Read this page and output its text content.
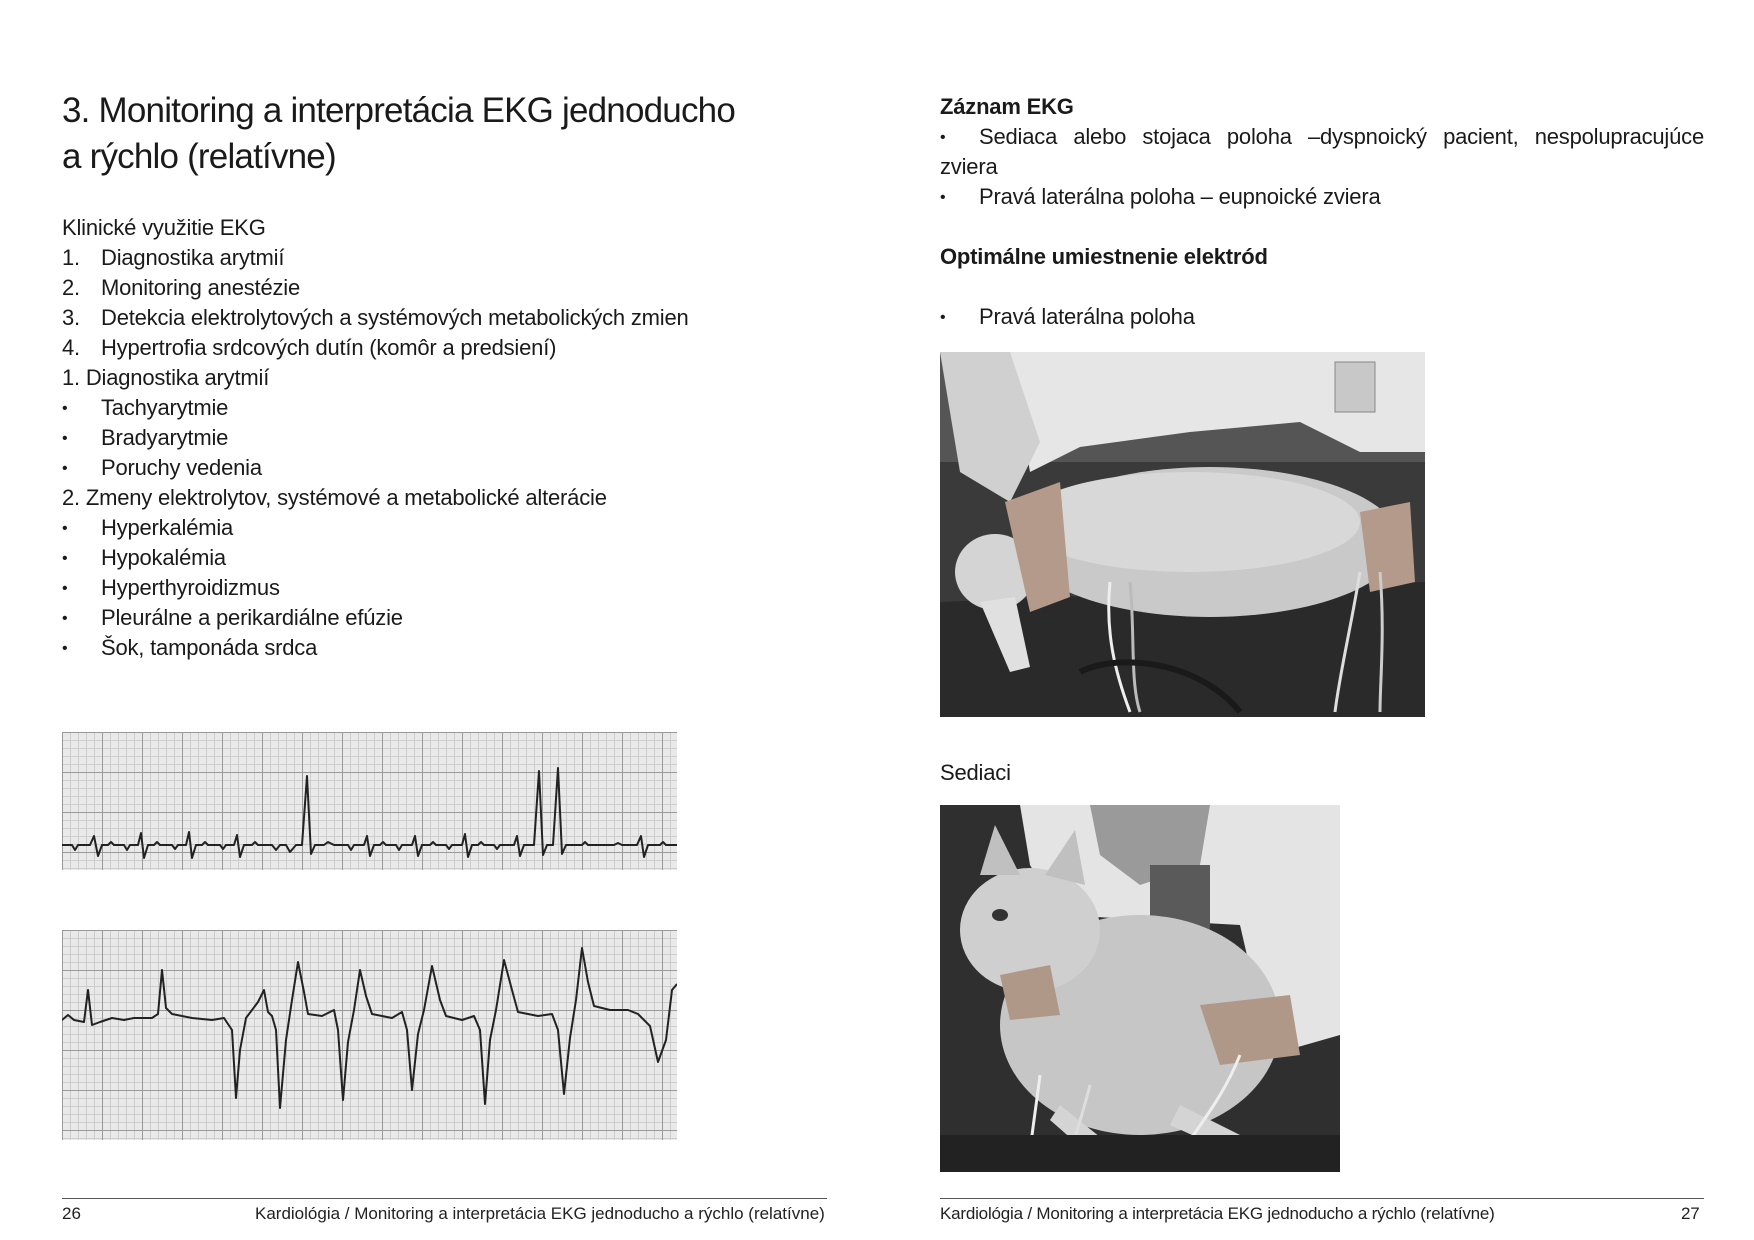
3. Monitoring a interpretácia EKG jednoducho
a rýchlo (relatívne)
Klinické využitie EKG
1. Diagnostika arytmií
2. Monitoring anestézie
3. Detekcia elektrolytových a systémových metabolických zmien
4. Hypertrofia srdcových dutín (komôr a predsiení)
1. Diagnostika arytmií
• Tachyarytmie
• Bradyarytmie
• Poruchy vedenia
2. Zmeny elektrolytov, systémové a metabolické alterácie
• Hyperkalémia
• Hypokalémia
• Hyperthyroidizmus
• Pleurálne a perikardiálne efúzie
• Šok, tamponáda srdca
26	Kardiológia / Monitoring a interpretácia EKG jednoducho a rýchlo (relatívne)
Záznam EKG
• Sediaca alebo stojaca poloha –dyspnoický pacient, nespolupracujúce
zviera
• Pravá laterálna poloha – eupnoické zviera
Optimálne umiestnenie elektród
• Pravá laterálna poloha
Sediaci
Kardiológia / Monitoring a interpretácia EKG jednoducho a rýchlo (relatívne)	27
